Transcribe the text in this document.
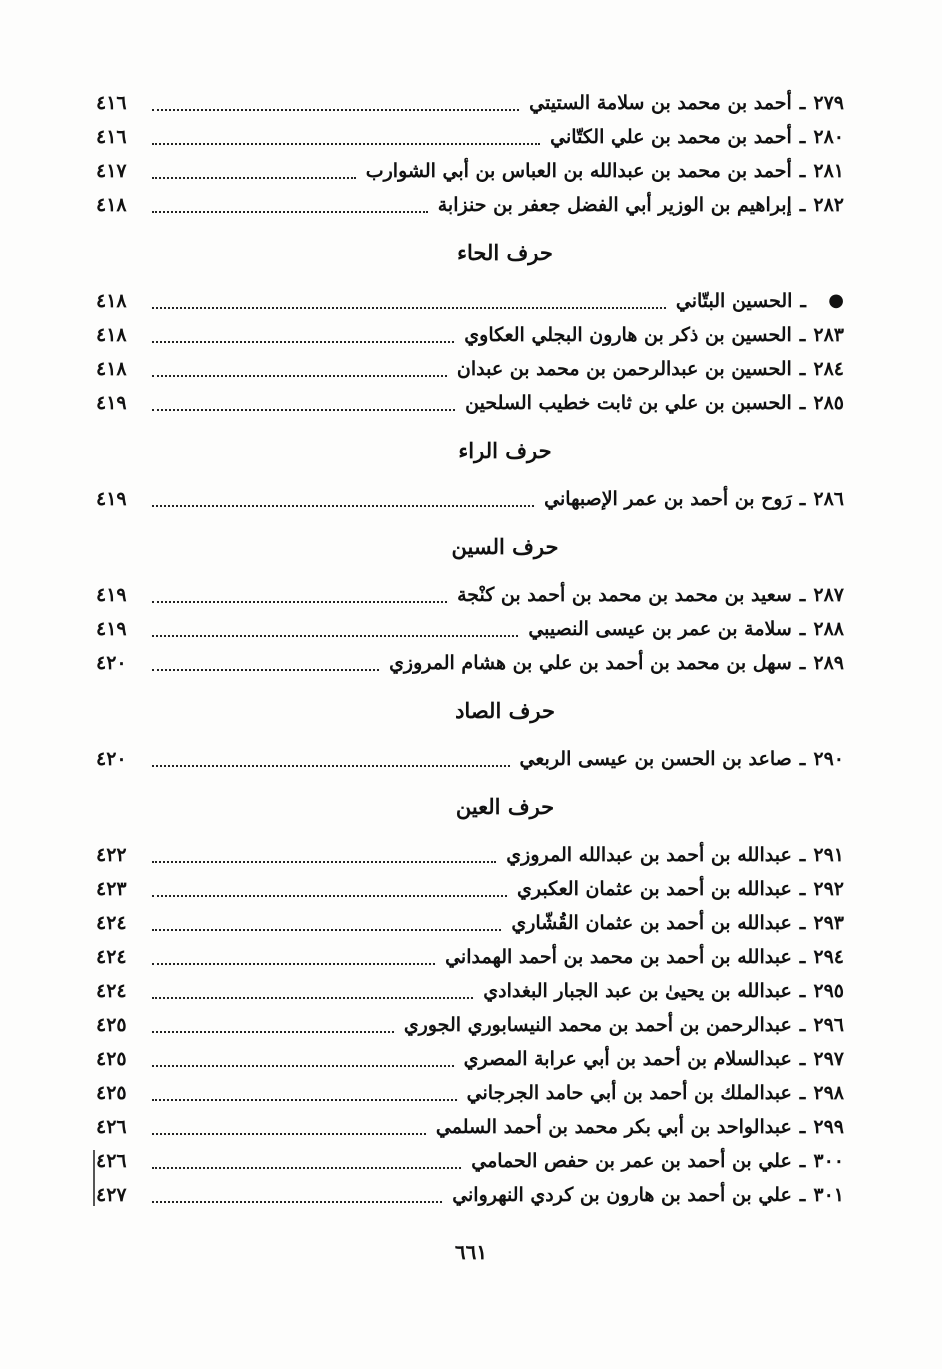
٢٧٩
ـ
أحمد بن محمد بن سلامة الستيتي
٤١٦
٢٨٠
ـ
أحمد بن محمد بن علي الكتّاني
٤١٦
٢٨١
ـ
أحمد بن محمد بن عبدالله بن العباس بن أبي الشوارب
٤١٧
٢٨٢
ـ
إبراهيم بن الوزير أبي الفضل جعفر بن حنزابة
٤١٨
حرف الحاء
●
ـ
الحسين البتّاني
٤١٨
٢٨٣
ـ
الحسين بن ذكر بن هارون البجلي العكاوي
٤١٨
٢٨٤
ـ
الحسين بن عبدالرحمن بن محمد بن عبدان
٤١٨
٢٨٥
ـ
الحسبن بن علي بن ثابت خطيب السلحين
٤١٩
حرف الراء
٢٨٦
ـ
رَوح بن أحمد بن عمر الإصبهاني
٤١٩
حرف السين
٢٨٧
ـ
سعيد بن محمد بن محمد بن أحمد بن كنْجة
٤١٩
٢٨٨
ـ
سلامة بن عمر بن عيسى النصيبي
٤١٩
٢٨٩
ـ
سهل بن محمد بن أحمد بن علي بن هشام المروزي
٤٢٠
حرف الصاد
٢٩٠
ـ
صاعد بن الحسن بن عيسى الربعي
٤٢٠
حرف العين
٢٩١
ـ
عبدالله بن أحمد بن عبدالله المروزي
٤٢٢
٢٩٢
ـ
عبدالله بن أحمد بن عثمان العكبري
٤٢٣
٢٩٣
ـ
عبدالله بن أحمد بن عثمان القُشّاري
٤٢٤
٢٩٤
ـ
عبدالله بن أحمد بن محمد بن أحمد الهمداني
٤٢٤
٢٩٥
ـ
عبدالله بن يحيىٰ بن عبد الجبار البغدادي
٤٢٤
٢٩٦
ـ
عبدالرحمن بن أحمد بن محمد النيسابوري الجوري
٤٢٥
٢٩٧
ـ
عبدالسلام بن أحمد بن أبي عرابة المصري
٤٢٥
٢٩٨
ـ
عبدالملك بن أحمد بن أبي حامد الجرجاني
٤٢٥
٢٩٩
ـ
عبدالواحد بن أبي بكر محمد بن أحمد السلمي
٤٢٦
٣٠٠
ـ
علي بن أحمد بن عمر بن حفص الحمامي
٤٢٦
٣٠١
ـ
علي بن أحمد بن هارون بن كردي النهرواني
٤٢٧
٦٦١
